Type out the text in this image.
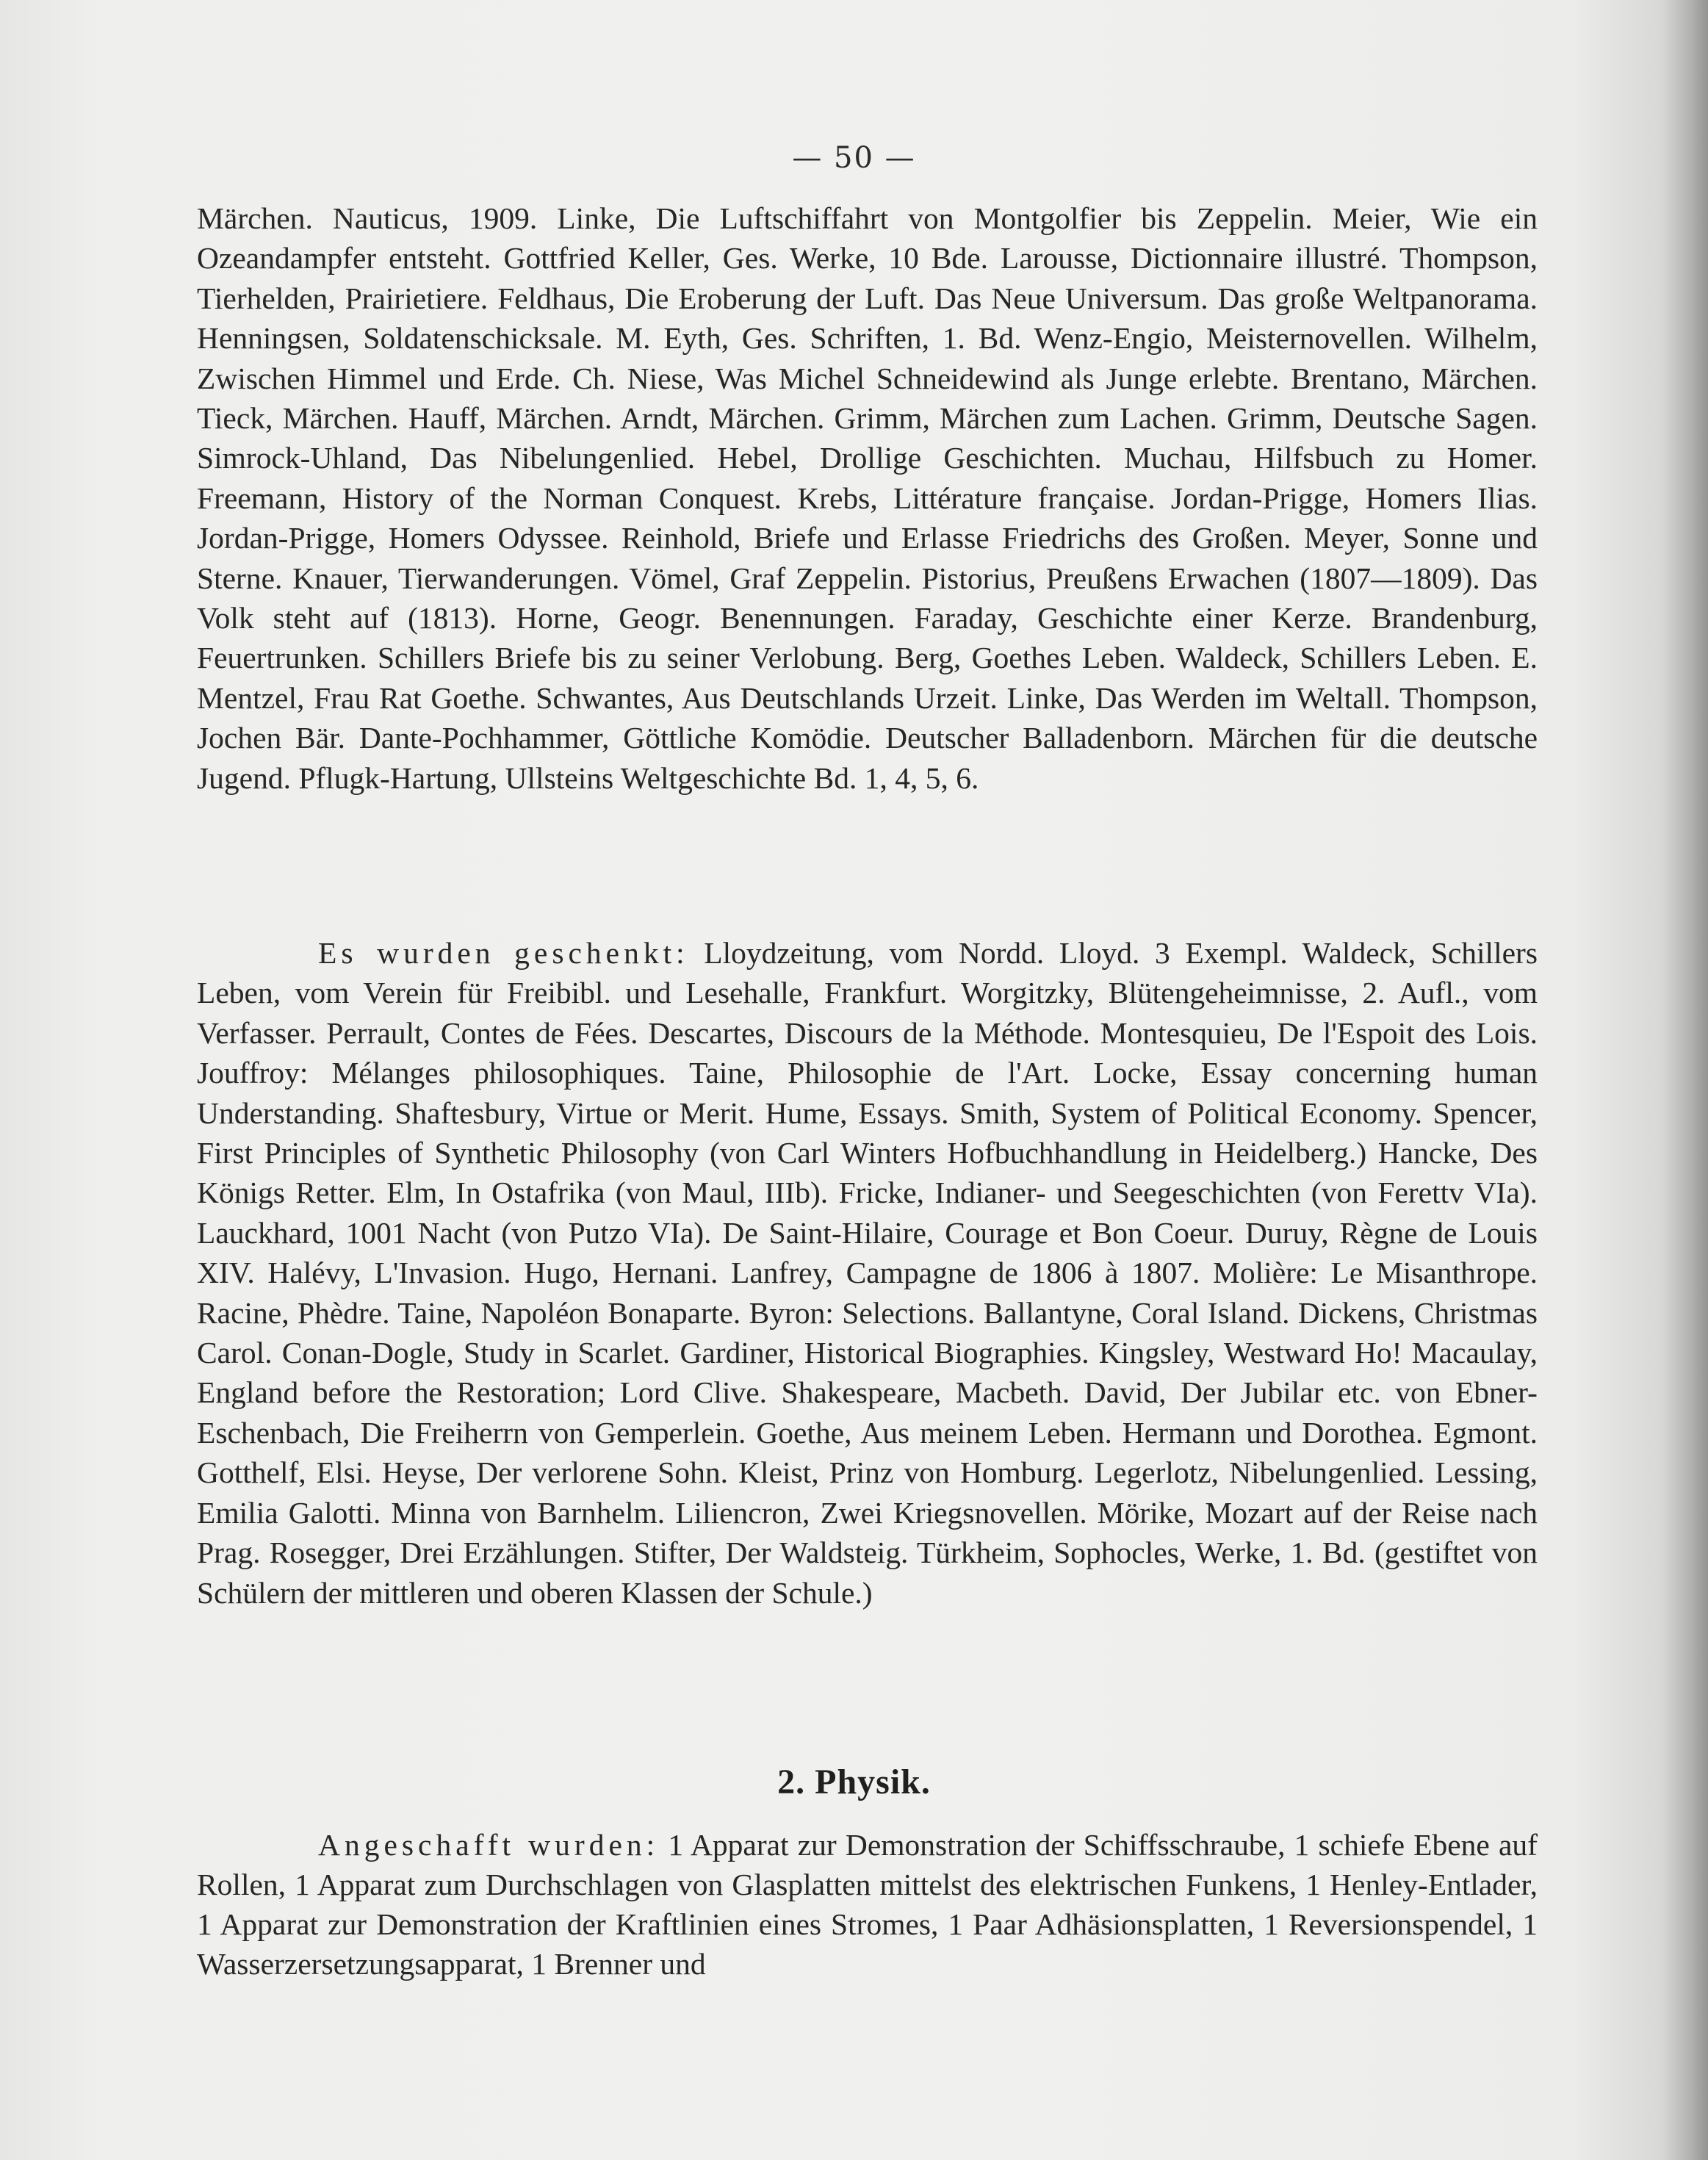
— 50 —

Märchen. Nauticus, 1909. Linke, Die Luftschiffahrt von Montgolfier bis Zeppelin. Meier, Wie ein Ozeandampfer entsteht. Gottfried Keller, Ges. Werke, 10 Bde. Larousse, Dictionnaire illustré. Thompson, Tierhelden, Prairietiere. Feldhaus, Die Eroberung der Luft. Das Neue Universum. Das große Weltpanorama. Henningsen, Soldatenschicksale. M. Eyth, Ges. Schriften, 1. Bd. Wenz-Engio, Meisternovellen. Wilhelm, Zwischen Himmel und Erde. Ch. Niese, Was Michel Schneidewind als Junge erlebte. Brentano, Märchen. Tieck, Märchen. Hauff, Märchen. Arndt, Märchen. Grimm, Märchen zum Lachen. Grimm, Deutsche Sagen. Simrock-Uhland, Das Nibelungenlied. Hebel, Drollige Geschichten. Muchau, Hilfsbuch zu Homer. Freemann, History of the Norman Conquest. Krebs, Littérature française. Jordan-Prigge, Homers Ilias. Jordan-Prigge, Homers Odyssee. Reinhold, Briefe und Erlasse Friedrichs des Großen. Meyer, Sonne und Sterne. Knauer, Tierwanderungen. Vömel, Graf Zeppelin. Pistorius, Preußens Erwachen (1807—1809). Das Volk steht auf (1813). Horne, Geogr. Benennungen. Faraday, Geschichte einer Kerze. Brandenburg, Feuertrunken. Schillers Briefe bis zu seiner Verlobung. Berg, Goethes Leben. Waldeck, Schillers Leben. E. Mentzel, Frau Rat Goethe. Schwantes, Aus Deutschlands Urzeit. Linke, Das Werden im Weltall. Thompson, Jochen Bär. Dante-Pochhammer, Göttliche Komödie. Deutscher Balladenborn. Märchen für die deutsche Jugend. Pflugk-Hartung, Ullsteins Weltgeschichte Bd. 1, 4, 5, 6.

Es wurden geschenkt: Lloydzeitung, vom Nordd. Lloyd. 3 Exempl. Waldeck, Schillers Leben, vom Verein für Freibibl. und Lesehalle, Frankfurt. Worgitzky, Blütengeheimnisse, 2. Aufl., vom Verfasser. Perrault, Contes de Fées. Descartes, Discours de la Méthode. Montesquieu, De l'Espoit des Lois. Jouffroy: Mélanges philosophiques. Taine, Philosophie de l'Art. Locke, Essay concerning human Understanding. Shaftesbury, Virtue or Merit. Hume, Essays. Smith, System of Political Economy. Spencer, First Principles of Synthetic Philosophy (von Carl Winters Hofbuchhandlung in Heidelberg.) Hancke, Des Königs Retter. Elm, In Ostafrika (von Maul, IIIb). Fricke, Indianer- und Seegeschichten (von Ferettv VIa). Lauckhard, 1001 Nacht (von Putzo VIa). De Saint-Hilaire, Courage et Bon Coeur. Duruy, Règne de Louis XIV. Halévy, L'Invasion. Hugo, Hernani. Lanfrey, Campagne de 1806 à 1807. Molière: Le Misanthrope. Racine, Phèdre. Taine, Napoléon Bonaparte. Byron: Selections. Ballantyne, Coral Island. Dickens, Christmas Carol. Conan-Dogle, Study in Scarlet. Gardiner, Historical Biographies. Kingsley, Westward Ho! Macaulay, England before the Restoration; Lord Clive. Shakespeare, Macbeth. David, Der Jubilar etc. von Ebner-Eschenbach, Die Freiherrn von Gemperlein. Goethe, Aus meinem Leben. Hermann und Dorothea. Egmont. Gotthelf, Elsi. Heyse, Der verlorene Sohn. Kleist, Prinz von Homburg. Legerlotz, Nibelungenlied. Lessing, Emilia Galotti. Minna von Barnhelm. Liliencron, Zwei Kriegsnovellen. Mörike, Mozart auf der Reise nach Prag. Rosegger, Drei Erzählungen. Stifter, Der Waldsteig. Türkheim, Sophocles, Werke, 1. Bd. (gestiftet von Schülern der mittleren und oberen Klassen der Schule.)

2. Physik.

Angeschafft wurden: 1 Apparat zur Demonstration der Schiffsschraube, 1 schiefe Ebene auf Rollen, 1 Apparat zum Durchschlagen von Glasplatten mittelst des elektrischen Funkens, 1 Henley-Entlader, 1 Apparat zur Demonstration der Kraftlinien eines Stromes, 1 Paar Adhäsionsplatten, 1 Reversionspendel, 1 Wasserzersetzungsapparat, 1 Brenner und
